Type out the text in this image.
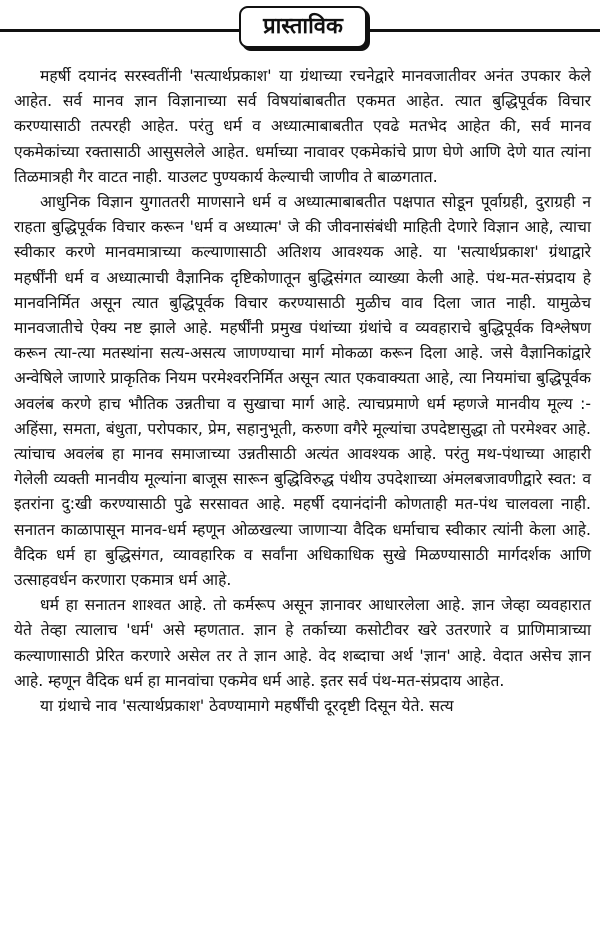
प्रास्ताविक

महर्षी दयानंद सरस्वतींनी 'सत्यार्थप्रकाश' या ग्रंथाच्या रचनेद्वारे मानवजातीवर अनंत उपकार केले आहेत. सर्व मानव ज्ञान विज्ञानाच्या सर्व विषयांबाबतीत एकमत आहेत. त्यात बुद्धिपूर्वक विचार करण्यासाठी तत्परही आहेत. परंतु धर्म व अध्यात्माबाबतीत एवढे मतभेद आहेत की, सर्व मानव एकमेकांच्या रक्तासाठी आसुसलेले आहेत. धर्माच्या नावावर एकमेकांचे प्राण घेणे आणि देणे यात त्यांना तिळमात्रही गैर वाटत नाही. याउलट पुण्यकार्य केल्याची जाणीव ते बाळगतात.

आधुनिक विज्ञान युगाततरी माणसाने धर्म व अध्यात्माबाबतीत पक्षपात सोडून पूर्वाग्रही, दुराग्रही न राहता बुद्धिपूर्वक विचार करून 'धर्म व अध्यात्म' जे की जीवनासंबंधी माहिती देणारे विज्ञान आहे, त्याचा स्वीकार करणे मानवमात्राच्या कल्याणासाठी अतिशय आवश्यक आहे. या 'सत्यार्थप्रकाश' ग्रंथाद्वारे महर्षींनी धर्म व अध्यात्माची वैज्ञानिक दृष्टिकोणातून बुद्धिसंगत व्याख्या केली आहे. पंथ-मत-संप्रदाय हे मानवनिर्मित असून त्यात बुद्धिपूर्वक विचार करण्यासाठी मुळीच वाव दिला जात नाही. यामुळेच मानवजातीचे ऐक्य नष्ट झाले आहे. महर्षींनी प्रमुख पंथांच्या ग्रंथांचे व व्यवहाराचे बुद्धिपूर्वक विश्लेषण करून त्या-त्या मतस्थांना सत्य-असत्य जाणण्याचा मार्ग मोकळा करून दिला आहे. जसे वैज्ञानिकांद्वारे अन्वेषिले जाणारे प्राकृतिक नियम परमेश्वरनिर्मित असून त्यात एकवाक्यता आहे, त्या नियमांचा बुद्धिपूर्वक अवलंब करणे हाच भौतिक उन्नतीचा व सुखाचा मार्ग आहे. त्याचप्रमाणे धर्म म्हणजे मानवीय मूल्य :- अहिंसा, समता, बंधुता, परोपकार, प्रेम, सहानुभूती, करुणा वगैरे मूल्यांचा उपदेष्टासुद्धा तो परमेश्वर आहे. त्यांचाच अवलंब हा मानव समाजाच्या उन्नतीसाठी अत्यंत आवश्यक आहे. परंतु मथ-पंथाच्या आहारी गेलेली व्यक्ती मानवीय मूल्यांना बाजूस सारून बुद्धिविरुद्ध पंथीय उपदेशाच्या अंमलबजावणीद्वारे स्वत: व इतरांना दु:खी करण्यासाठी पुढे सरसावत आहे. महर्षी दयानंदांनी कोणताही मत-पंथ चालवला नाही. सनातन काळापासून मानव-धर्म म्हणून ओळखल्या जाणाऱ्या वैदिक धर्माचाच स्वीकार त्यांनी केला आहे. वैदिक धर्म हा बुद्धिसंगत, व्यावहारिक व सर्वांना अधिकाधिक सुखे मिळण्यासाठी मार्गदर्शक आणि उत्साहवर्धन करणारा एकमात्र धर्म आहे.

धर्म हा सनातन शाश्वत आहे. तो कर्मरूप असून ज्ञानावर आधारलेला आहे. ज्ञान जेव्हा व्यवहारात येते तेव्हा त्यालाच 'धर्म' असे म्हणतात. ज्ञान हे तर्काच्या कसोटीवर खरे उतरणारे व प्राणिमात्राच्या कल्याणासाठी प्रेरित करणारे असेल तर ते ज्ञान आहे. वेद शब्दाचा अर्थ 'ज्ञान' आहे. वेदात असेच ज्ञान आहे. म्हणून वैदिक धर्म हा मानवांचा एकमेव धर्म आहे. इतर सर्व पंथ-मत-संप्रदाय आहेत.

या ग्रंथाचे नाव 'सत्यार्थप्रकाश' ठेवण्यामागे महर्षींची दूरदृष्टी दिसून येते. सत्य
